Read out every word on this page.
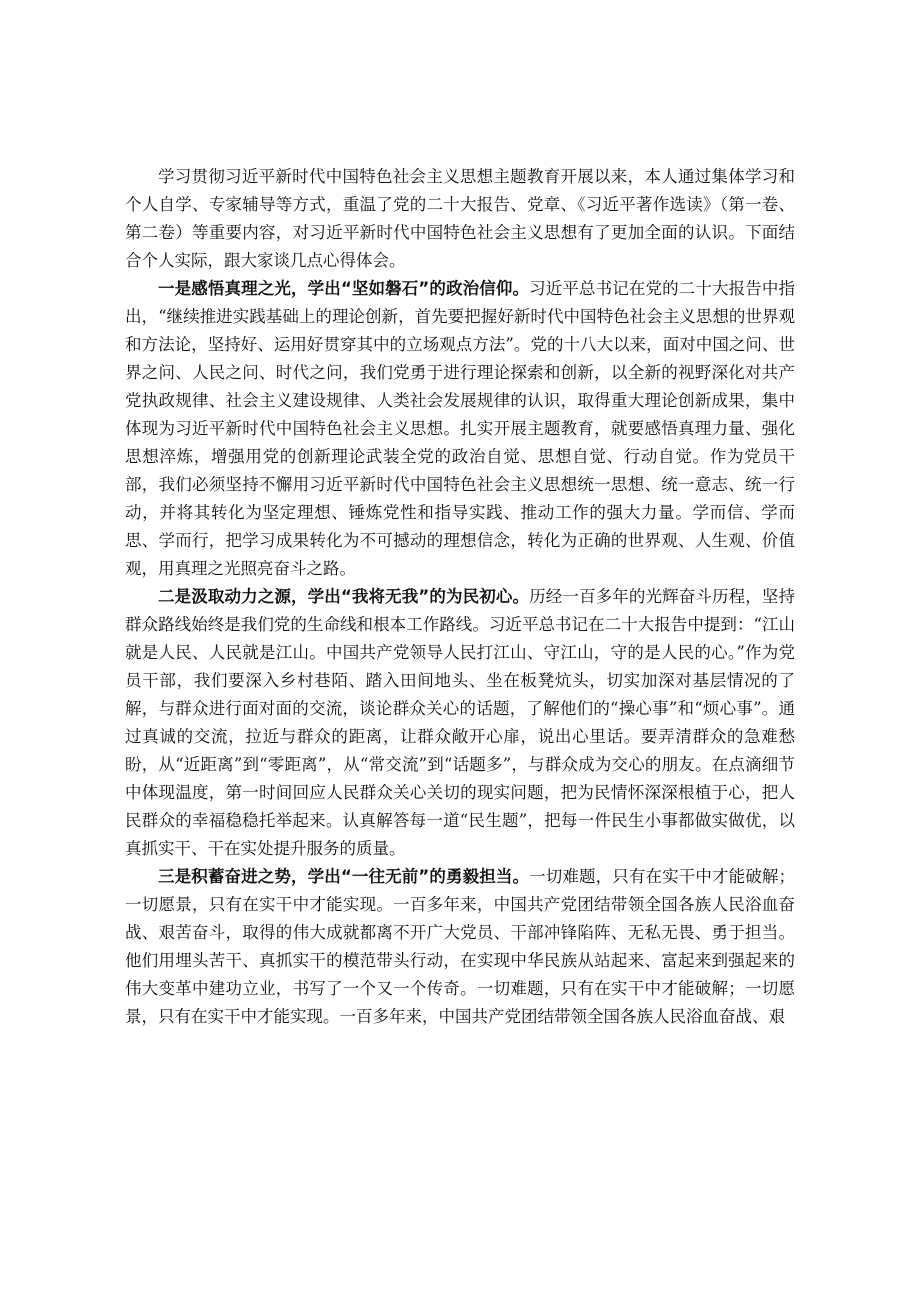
学习贯彻习近平新时代中国特色社会主义思想主题教育开展以来，本人通过集体学习和个人自学、专家辅导等方式，重温了党的二十大报告、党章、《习近平著作选读》（第一卷、第二卷）等重要内容，对习近平新时代中国特色社会主义思想有了更加全面的认识。下面结合个人实际，跟大家谈几点心得体会。

一是感悟真理之光，学出“坚如磐石”的政治信仰。习近平总书记在党的二十大报告中指出，“继续推进实践基础上的理论创新，首先要把握好新时代中国特色社会主义思想的世界观和方法论，坚持好、运用好贯穿其中的立场观点方法”。党的十八大以来，面对中国之问、世界之问、人民之问、时代之问，我们党勇于进行理论探索和创新，以全新的视野深化对共产党执政规律、社会主义建设规律、人类社会发展规律的认识，取得重大理论创新成果，集中体现为习近平新时代中国特色社会主义思想。扎实开展主题教育，就要感悟真理力量、强化思想淬炼，增强用党的创新理论武装全党的政治自觉、思想自觉、行动自觉。作为党员干部，我们必须坚持不懈用习近平新时代中国特色社会主义思想统一思想、统一意志、统一行动，并将其转化为坚定理想、锤炼党性和指导实践、推动工作的强大力量。学而信、学而思、学而行，把学习成果转化为不可撼动的理想信念，转化为正确的世界观、人生观、价值观，用真理之光照亮奋斗之路。

二是汲取动力之源，学出“我将无我”的为民初心。历经一百多年的光辉奋斗历程，坚持群众路线始终是我们党的生命线和根本工作路线。习近平总书记在二十大报告中提到：“江山就是人民、人民就是江山。中国共产党领导人民打江山、守江山，守的是人民的心。”作为党员干部，我们要深入乡村巷陌、踏入田间地头、坐在板凳炕头，切实加深对基层情况的了解，与群众进行面对面的交流，谈论群众关心的话题，了解他们的“操心事”和“烦心事”。通过真诚的交流，拉近与群众的距离，让群众敞开心扉，说出心里话。要弄清群众的急难愁盼，从“近距离”到“零距离”，从“常交流”到“话题多”，与群众成为交心的朋友。在点滴细节中体现温度，第一时间回应人民群众关心关切的现实问题，把为民情怀深深根植于心，把人民群众的幸福稳稳托举起来。认真解答每一道“民生题”，把每一件民生小事都做实做优，以真抓实干、干在实处提升服务的质量。

三是积蓄奋进之势，学出“一往无前”的勇毅担当。一切难题，只有在实干中才能破解；一切愿景，只有在实干中才能实现。一百多年来，中国共产党团结带领全国各族人民浴血奋战、艰苦奋斗，取得的伟大成就都离不开广大党员、干部冲锋陷阵、无私无畏、勇于担当。他们用埋头苦干、真抓实干的模范带头行动，在实现中华民族从站起来、富起来到强起来的伟大变革中建功立业，书写了一个又一个传奇。一切难题，只有在实干中才能破解；一切愿景，只有在实干中才能实现。一百多年来，中国共产党团结带领全国各族人民浴血奋战、艰
